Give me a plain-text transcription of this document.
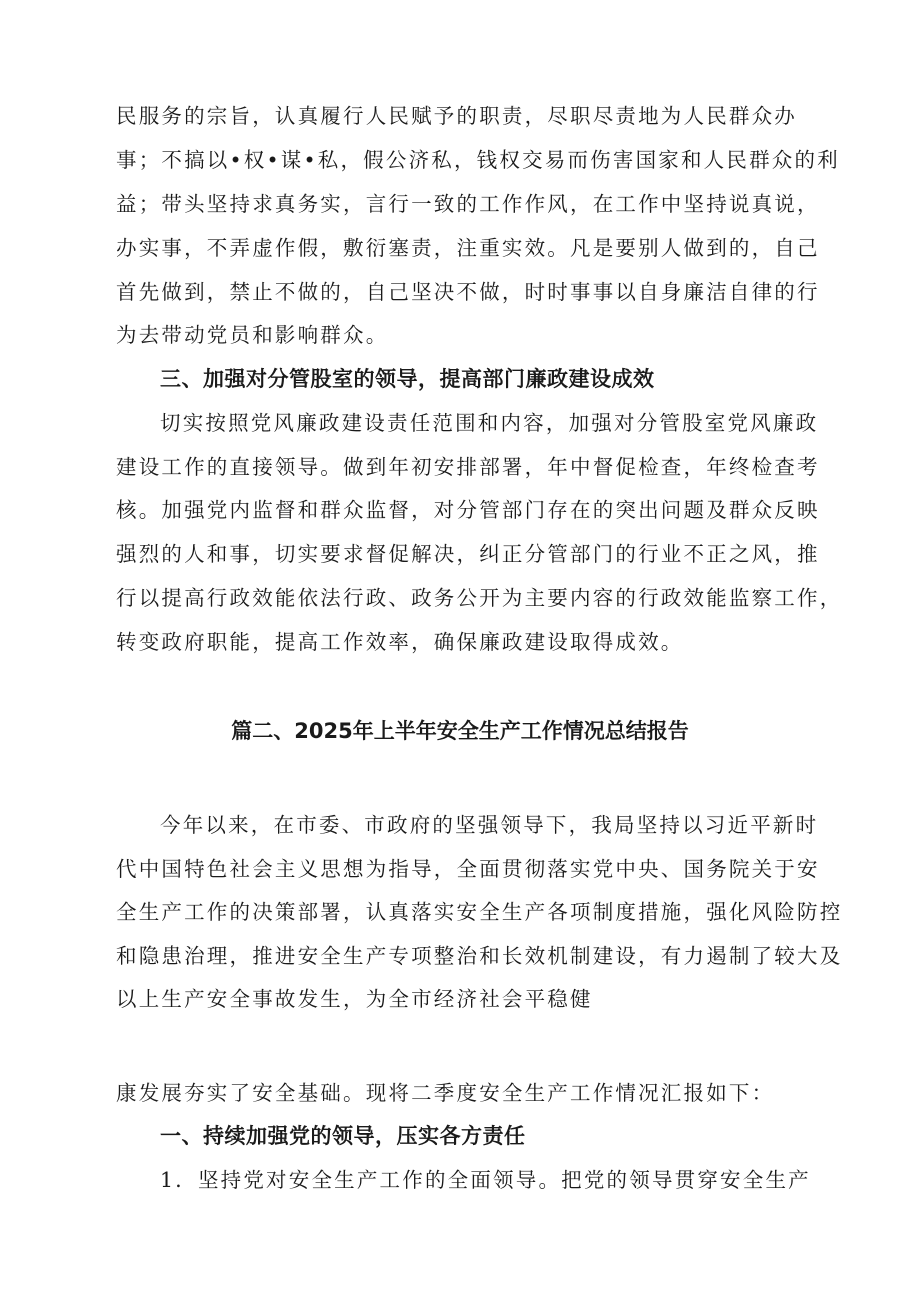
民服务的宗旨，认真履行人民赋予的职责，尽职尽责地为人民群众办
事；不搞以•权•谋•私，假公济私，钱权交易而伤害国家和人民群众的利
益；带头坚持求真务实，言行一致的工作作风，在工作中坚持说真说，
办实事，不弄虚作假，敷衍塞责，注重实效。凡是要别人做到的，自己
首先做到，禁止不做的，自己坚决不做，时时事事以自身廉洁自律的行
为去带动党员和影响群众。
三、加强对分管股室的领导，提高部门廉政建设成效
切实按照党风廉政建设责任范围和内容，加强对分管股室党风廉政
建设工作的直接领导。做到年初安排部署，年中督促检查，年终检查考
核。加强党内监督和群众监督，对分管部门存在的突出问题及群众反映
强烈的人和事，切实要求督促解决，纠正分管部门的行业不正之风，推
行以提高行政效能依法行政、政务公开为主要内容的行政效能监察工作，
转变政府职能，提高工作效率，确保廉政建设取得成效。
篇二、2025年上半年安全生产工作情况总结报告
今年以来，在市委、市政府的坚强领导下，我局坚持以习近平新时
代中国特色社会主义思想为指导，全面贯彻落实党中央、国务院关于安
全生产工作的决策部署，认真落实安全生产各项制度措施，强化风险防控
和隐患治理，推进安全生产专项整治和长效机制建设，有力遏制了较大及
以上生产安全事故发生，为全市经济社会平稳健
康发展夯实了安全基础。现将二季度安全生产工作情况汇报如下：
一、持续加强党的领导，压实各方责任
1．坚持党对安全生产工作的全面领导。把党的领导贯穿安全生产
